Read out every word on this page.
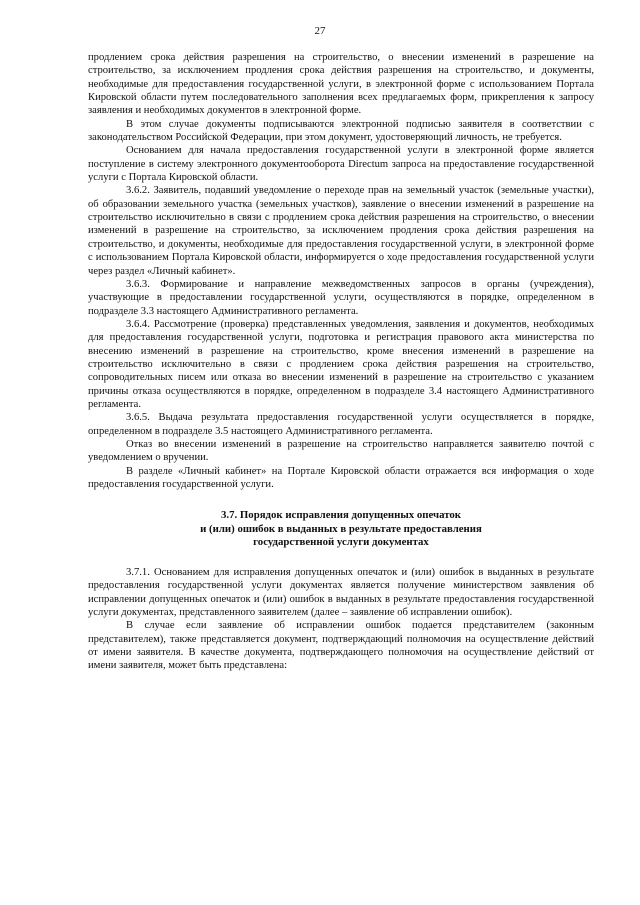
27

продлением срока действия разрешения на строительство, о внесении изменений в разрешение на строительство, за исключением продления срока действия разрешения на строительство, и документы, необходимые для предоставления государственной услуги, в электронной форме с использованием Портала Кировской области путем последовательного заполнения всех предлагаемых форм, прикрепления к запросу заявления и необходимых документов в электронной форме.

В этом случае документы подписываются электронной подписью заявителя в соответствии с законодательством Российской Федерации, при этом документ, удостоверяющий личность, не требуется.

Основанием для начала предоставления государственной услуги в электронной форме является поступление в систему электронного документооборота Directum запроса на предоставление государственной услуги с Портала Кировской области.

3.6.2. Заявитель, подавший уведомление о переходе прав на земельный участок (земельные участки), об образовании земельного участка (земельных участков), заявление о внесении изменений в разрешение на строительство исключительно в связи с продлением срока действия разрешения на строительство, о внесении изменений в разрешение на строительство, за исключением продления срока действия разрешения на строительство, и документы, необходимые для предоставления государственной услуги, в электронной форме с использованием Портала Кировской области, информируется о ходе предоставления государственной услуги через раздел «Личный кабинет».

3.6.3. Формирование и направление межведомственных запросов в органы (учреждения), участвующие в предоставлении государственной услуги, осуществляются в порядке, определенном в подразделе 3.3 настоящего Административного регламента.

3.6.4. Рассмотрение (проверка) представленных уведомления, заявления и документов, необходимых для предоставления государственной услуги, подготовка и регистрация правового акта министерства по внесению изменений в разрешение на строительство, кроме внесения изменений в разрешение на строительство исключительно в связи с продлением срока действия разрешения на строительство, сопроводительных писем или отказа во внесении изменений в разрешение на строительство с указанием причины отказа осуществляются в порядке, определенном в подразделе 3.4 настоящего Административного регламента.

3.6.5. Выдача результата предоставления государственной услуги осуществляется в порядке, определенном в подразделе 3.5 настоящего Административного регламента.

Отказ во внесении изменений в разрешение на строительство направляется заявителю почтой с уведомлением о вручении.

В разделе «Личный кабинет» на Портале Кировской области отражается вся информация о ходе предоставления государственной услуги.

3.7. Порядок исправления допущенных опечаток
и (или) ошибок в выданных в результате предоставления
государственной услуги документах

3.7.1. Основанием для исправления допущенных опечаток и (или) ошибок в выданных в результате предоставления государственной услуги документах является получение министерством заявления об исправлении допущенных опечаток и (или) ошибок в выданных в результате предоставления государственной услуги документах, представленного заявителем (далее – заявление об исправлении ошибок).

В случае если заявление об исправлении ошибок подается представителем (законным представителем), также представляется документ, подтверждающий полномочия на осуществление действий от имени заявителя. В качестве документа, подтверждающего полномочия на осуществление действий от имени заявителя, может быть представлена:
